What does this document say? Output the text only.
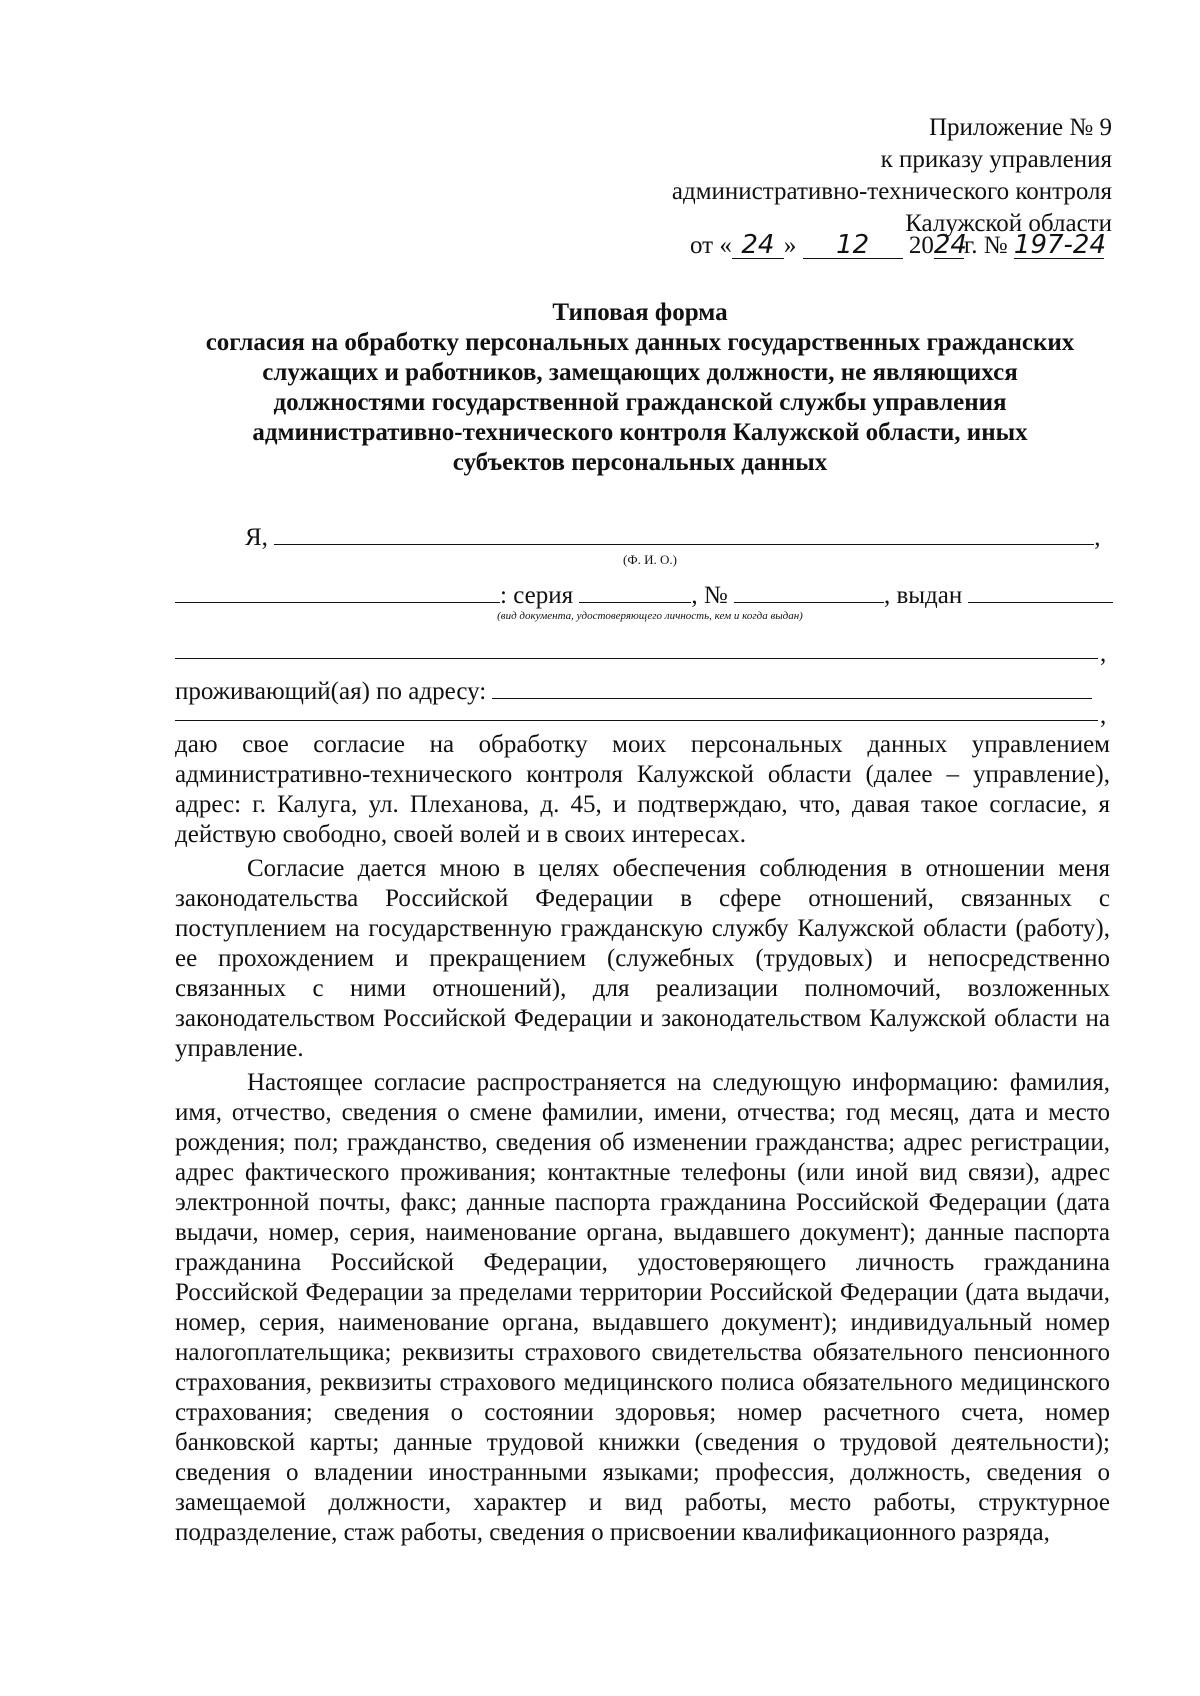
Приложение № 9
к приказу управления
административно-технического контроля
Калужской области
от « 24 » 12 2024г. № 197-24
Типовая форма
согласия на обработку персональных данных государственных гражданских
служащих и работников, замещающих должности, не являющихся
должностями государственной гражданской службы управления
административно-технического контроля Калужской области, иных
субъектов персональных данных
Я,	,
(Ф. И. О.)
: серия	, №	, выдан
(вид документа, удостоверяющего личность, кем и когда выдан)
,
проживающий(ая) по адресу:
,

даю свое согласие на обработку моих персональных данных управлением административно-технического контроля Калужской области (далее – управление), адрес: г. Калуга, ул. Плеханова, д. 45, и подтверждаю, что, давая такое согласие, я действую свободно, своей волей и в своих интересах.

Согласие дается мною в целях обеспечения соблюдения в отношении меня законодательства Российской Федерации в сфере отношений, связанных с поступлением на государственную гражданскую службу Калужской области (работу), ее прохождением и прекращением (служебных (трудовых) и непосредственно связанных с ними отношений), для реализации полномочий, возложенных законодательством Российской Федерации и законодательством Калужской области на управление.

Настоящее согласие распространяется на следующую информацию: фамилия, имя, отчество, сведения о смене фамилии, имени, отчества; год месяц, дата и место рождения; пол; гражданство, сведения об изменении гражданства; адрес регистрации, адрес фактического проживания; контактные телефоны (или иной вид связи), адрес электронной почты, факс; данные паспорта гражданина Российской Федерации (дата выдачи, номер, серия, наименование органа, выдавшего документ); данные паспорта гражданина Российской Федерации, удостоверяющего личность гражданина Российской Федерации за пределами территории Российской Федерации (дата выдачи, номер, серия, наименование органа, выдавшего документ); индивидуальный номер налогоплательщика; реквизиты страхового свидетельства обязательного пенсионного страхования, реквизиты страхового медицинского полиса обязательного медицинского страхования; сведения о состоянии здоровья; номер расчетного счета, номер банковской карты; данные трудовой книжки (сведения о трудовой деятельности); сведения о владении иностранными языками; профессия, должность, сведения о замещаемой должности, характер и вид работы, место работы, структурное подразделение, стаж работы, сведения о присвоении квалификационного разряда,
